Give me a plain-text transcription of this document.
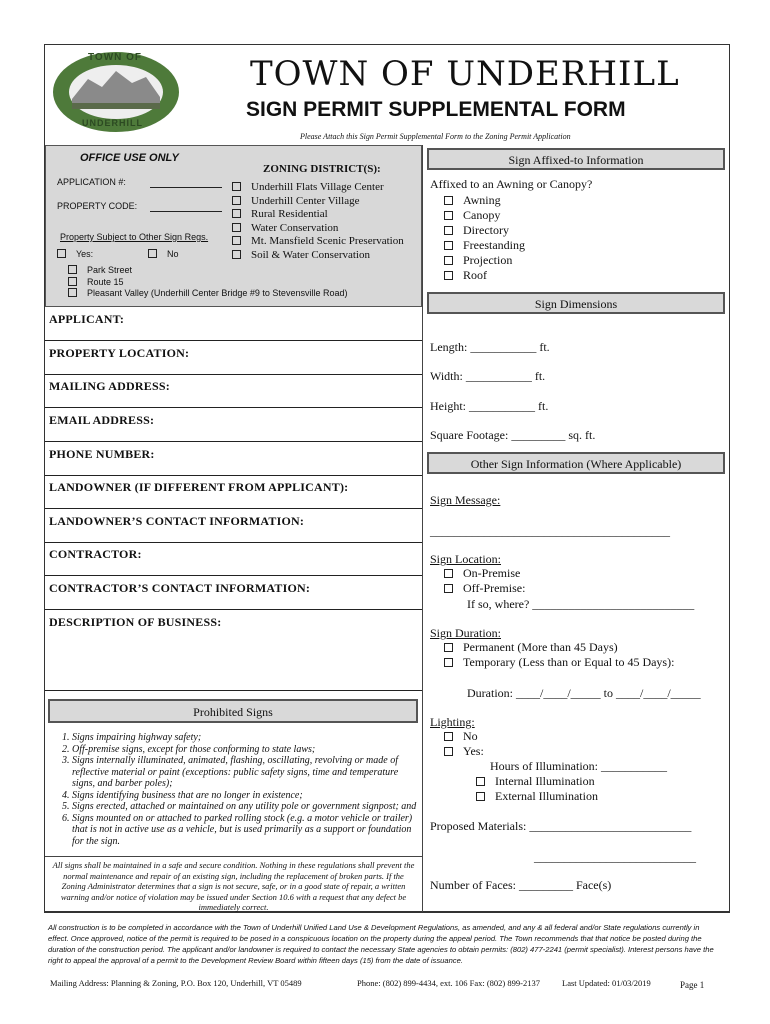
TOWN OF
UNDERHILL
TOWN OF UNDERHILL
SIGN PERMIT SUPPLEMENTAL FORM
Please Attach this Sign Permit Supplemental Form to the Zoning Permit Application
OFFICE USE ONLY
APPLICATION #:
PROPERTY CODE:
Property Subject to Other Sign Regs.
Yes:	No
Park Street
Route 15
Pleasant Valley (Underhill Center Bridge #9 to Stevensville Road)
ZONING DISTRICT(S):
Underhill Flats Village Center
Underhill Center Village
Rural Residential
Water Conservation
Mt. Mansfield Scenic Preservation
Soil & Water Conservation
APPLICANT:
PROPERTY LOCATION:
MAILING ADDRESS:
EMAIL ADDRESS:
PHONE NUMBER:
LANDOWNER (IF DIFFERENT FROM APPLICANT):
LANDOWNER’S CONTACT INFORMATION:
CONTRACTOR:
CONTRACTOR’S CONTACT INFORMATION:
DESCRIPTION OF BUSINESS:
Prohibited Signs
1. Signs impairing highway safety;
2. Off-premise signs, except for those conforming to state laws;
3. Signs internally illuminated, animated, flashing, oscillating, revolving or made of reflective material or paint (exceptions: public safety signs, time and temperature signs, and barber poles);
4. Signs identifying business that are no longer in existence;
5. Signs erected, attached or maintained on any utility pole or government signpost; and
6. Signs mounted on or attached to parked rolling stock (e.g. a motor vehicle or trailer) that is not in active use as a vehicle, but is used primarily as a support or foundation for the sign.
All signs shall be maintained in a safe and secure condition. Nothing in these regulations shall prevent the normal maintenance and repair of an existing sign, including the replacement of broken parts. If the Zoning Administrator determines that a sign is not secure, safe, or in a good state of repair, a written warning and/or notice of violation may be issued under Section 10.6 with a request that any defect be immediately correct.
Sign Affixed-to Information
Affixed to an Awning or Canopy?
Awning
Canopy
Directory
Freestanding
Projection
Roof
Sign Dimensions
Length: ___________ ft.
Width: ___________ ft.
Height: ___________ ft.
Square Footage: _________ sq. ft.
Other Sign Information (Where Applicable)
Sign Message:
________________________________________
Sign Location:
On-Premise
Off-Premise:
If so, where? ___________________________
Sign Duration:
Permanent (More than 45 Days)
Temporary (Less than or Equal to 45 Days):
Duration: ____/____/_____ to ____/____/_____
Lighting:
No
Yes:
Hours of Illumination: ___________
Internal Illumination
External Illumination
Proposed Materials: ___________________________
___________________________
Number of Faces: _________ Face(s)
All construction is to be completed in accordance with the Town of Underhill Unified Land Use & Development Regulations, as amended, and any & all federal and/or State regulations currently in effect. Once approved, notice of the permit is required to be posed in a conspicuous location on the property during the appeal period. The Town recommends that that notice be posted during the duration of the construction period. The applicant and/or landowner is required to contact the necessary State agencies to obtain permits: (802) 477-2241 (permit specialist). Interest persons have the right to appeal the approval of a permit to the Development Review Board within fifteen days (15) from the date of issuance.
Mailing Address: Planning & Zoning, P.O. Box 120, Underhill, VT 05489	Phone: (802) 899-4434, ext. 106 Fax: (802) 899-2137	Last Updated: 01/03/2019	Page 1
